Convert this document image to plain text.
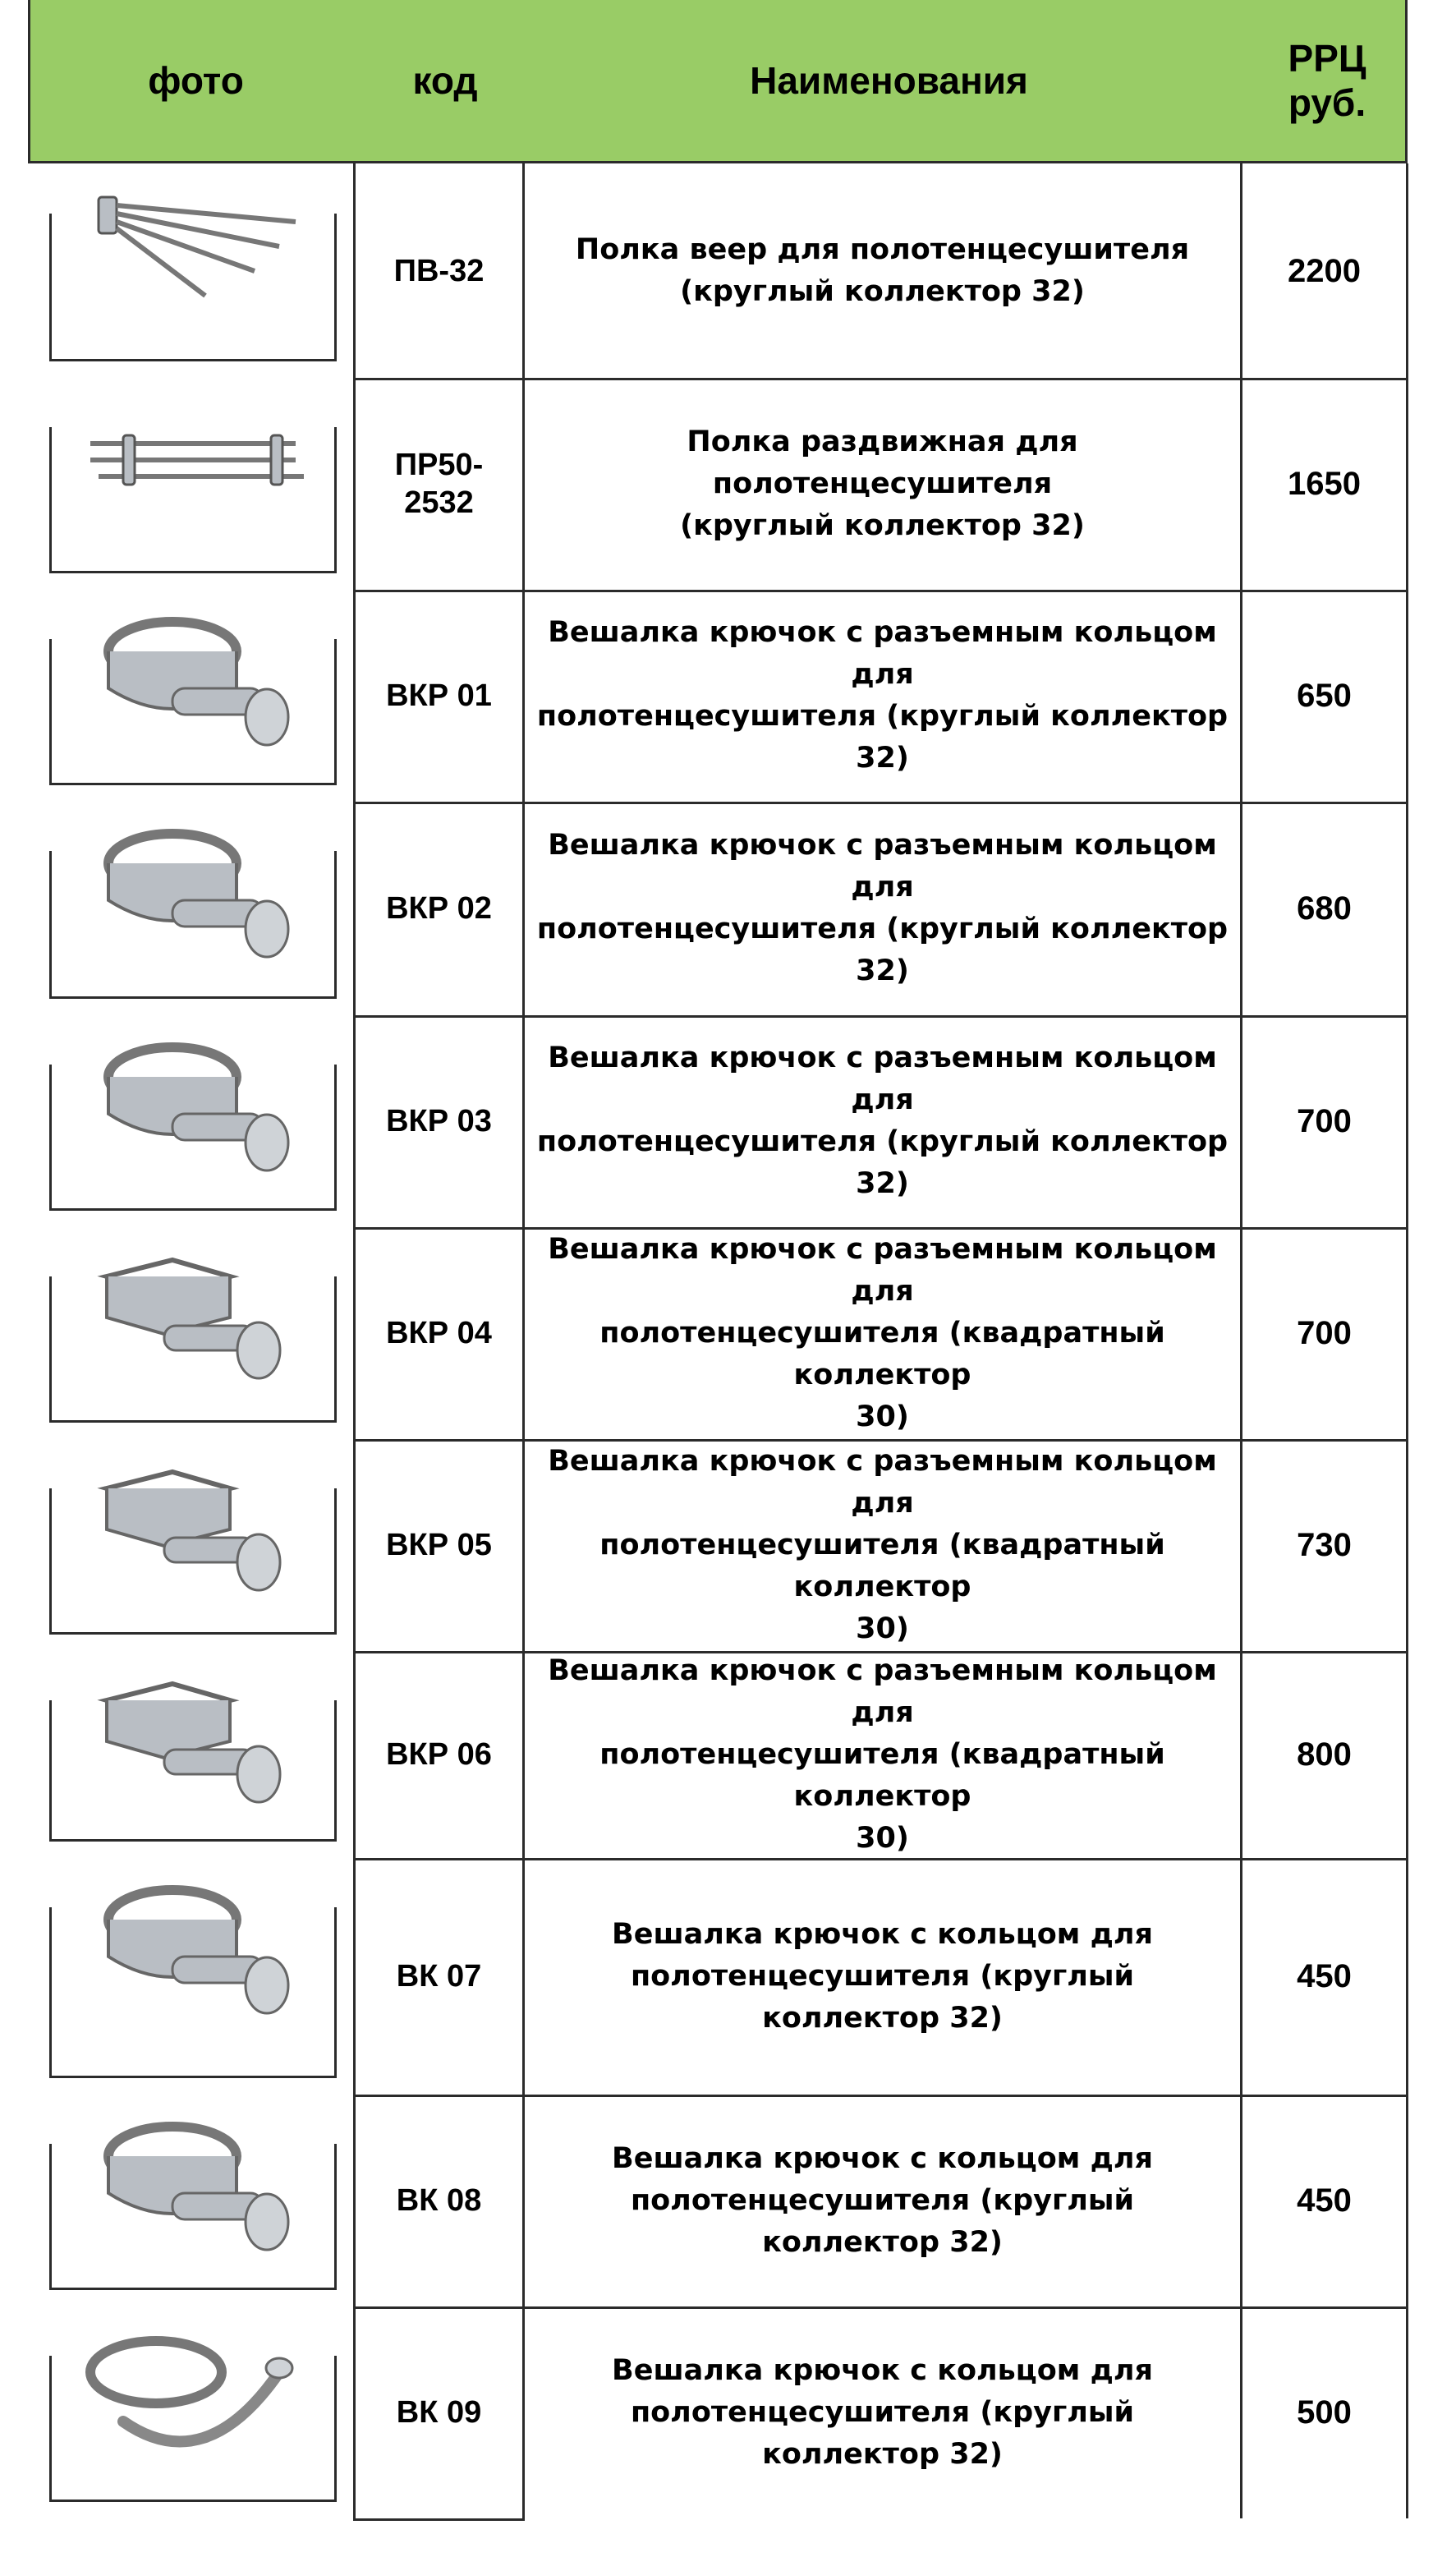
фото	код	Наименования
РРЦ
руб.
ПВ-32
Полка веер для полотенцесушителя
(круглый коллектор 32)
2200
ПР50-
2532
Полка раздвижная для полотенцесушителя
(круглый коллектор 32)
1650
ВКР 01
Вешалка крючок с разъемным кольцом для
полотенцесушителя (круглый коллектор 32)
650
ВКР 02
Вешалка крючок с разъемным кольцом для
полотенцесушителя (круглый коллектор 32)
680
ВКР 03
Вешалка крючок с разъемным кольцом для
полотенцесушителя (круглый коллектор 32)
700
ВКР 04
Вешалка крючок с разъемным кольцом для
полотенцесушителя (квадратный коллектор
30)
700
ВКР 05
Вешалка крючок с разъемным кольцом для
полотенцесушителя (квадратный коллектор
30)
730
ВКР 06
Вешалка крючок с разъемным кольцом для
полотенцесушителя (квадратный коллектор
30)
800
ВК 07
Вешалка крючок с кольцом для
полотенцесушителя (круглый
коллектор 32)
450
ВК 08
Вешалка крючок с кольцом для
полотенцесушителя (круглый
коллектор 32)
450
ВК 09
Вешалка крючок с кольцом для
полотенцесушителя (круглый
коллектор 32)
500
